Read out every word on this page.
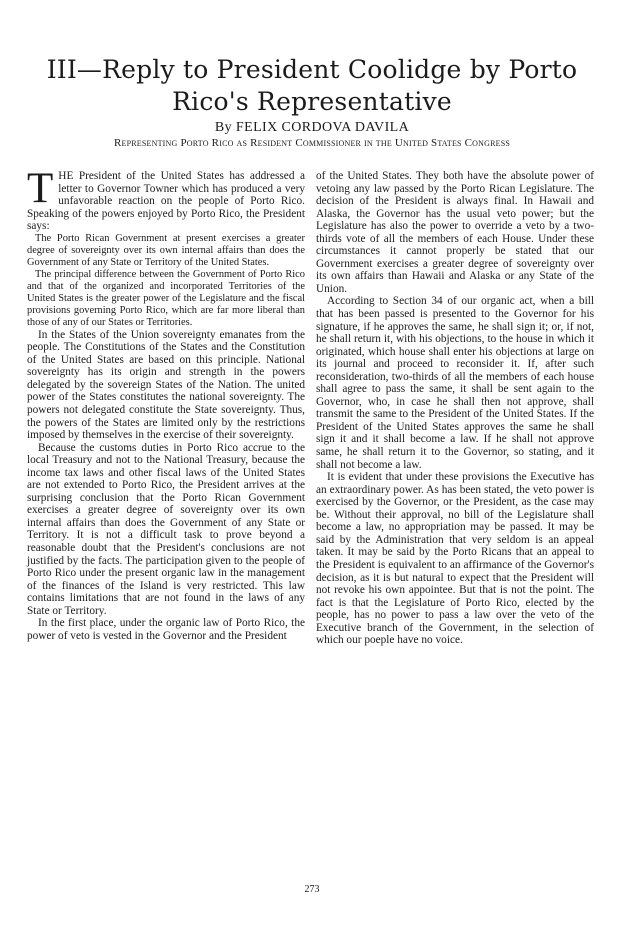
III—Reply to President Coolidge by Porto
Rico's Representative
By FELIX CORDOVA DAVILA
Representing Porto Rico as Resident Commissioner in the United States Congress

THE President of the United States has addressed a letter to Governor Towner which has produced a very unfavorable reaction on the people of Porto Rico. Speaking of the powers enjoyed by Porto Rico, the President says:

The Porto Rican Government at present exercises a greater degree of sovereignty over its own internal affairs than does the Government of any State or Territory of the United States.

The principal difference between the Government of Porto Rico and that of the organized and incorporated Territories of the United States is the greater power of the Legislature and the fiscal provisions governing Porto Rico, which are far more liberal than those of any of our States or Territories.

In the States of the Union sovereignty emanates from the people. The Constitutions of the States and the Constitution of the United States are based on this principle. National sovereignty has its origin and strength in the powers delegated by the sovereign States of the Nation. The united power of the States constitutes the national sovereignty. The powers not delegated constitute the State sovereignty. Thus, the powers of the States are limited only by the restrictions imposed by themselves in the exercise of their sovereignty.

Because the customs duties in Porto Rico accrue to the local Treasury and not to the National Treasury, because the income tax laws and other fiscal laws of the United States are not extended to Porto Rico, the President arrives at the surprising conclusion that the Porto Rican Government exercises a greater degree of sovereignty over its own internal affairs than does the Government of any State or Territory. It is not a difficult task to prove beyond a reasonable doubt that the President's conclusions are not justified by the facts. The participation given to the people of Porto Rico under the present organic law in the management of the finances of the Island is very restricted. This law contains limitations that are not found in the laws of any State or Territory.

In the first place, under the organic law of Porto Rico, the power of veto is vested in the Governor and the President

of the United States. They both have the absolute power of vetoing any law passed by the Porto Rican Legislature. The decision of the President is always final. In Hawaii and Alaska, the Governor has the usual veto power; but the Legislature has also the power to override a veto by a two-thirds vote of all the members of each House. Under these circumstances it cannot properly be stated that our Government exercises a greater degree of sovereignty over its own affairs than Hawaii and Alaska or any State of the Union.

According to Section 34 of our organic act, when a bill that has been passed is presented to the Governor for his signature, if he approves the same, he shall sign it; or, if not, he shall return it, with his objections, to the house in which it originated, which house shall enter his objections at large on its journal and proceed to reconsider it. If, after such reconsideration, two-thirds of all the members of each house shall agree to pass the same, it shall be sent again to the Governor, who, in case he shall then not approve, shall transmit the same to the President of the United States. If the President of the United States approves the same he shall sign it and it shall become a law. If he shall not approve same, he shall return it to the Governor, so stating, and it shall not become a law.

It is evident that under these provisions the Executive has an extraordinary power. As has been stated, the veto power is exercised by the Governor, or the President, as the case may be. Without their approval, no bill of the Legislature shall become a law, no appropriation may be passed. It may be said by the Administration that very seldom is an appeal taken. It may be said by the Porto Ricans that an appeal to the President is equivalent to an affirmance of the Governor's decision, as it is but natural to expect that the President will not revoke his own appointee. But that is not the point. The fact is that the Legislature of Porto Rico, elected by the people, has no power to pass a law over the veto of the Executive branch of the Government, in the selection of which our poeple have no voice.

273
